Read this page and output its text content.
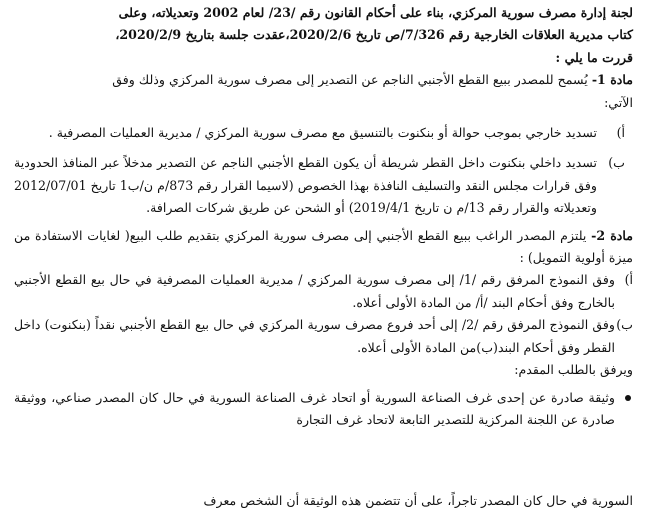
لجنة إدارة مصرف سورية المركزي، بناء على أحكام القانون رقم /23/ لعام 2002 وتعديلاته، وعلى

كتاب مديرية العلاقات الخارجية رقم 7/326/ص تاريخ 2020/2/6،عقدت جلسة بتاريخ 2020/2/9،

قررت ما يلي :

مادة 1- يُسمح للمصدر ببيع القطع الأجنبي الناجم عن التصدير إلى مصرف سورية المركزي وذلك وفق

الآتي:

أ)
تسديد خارجي بموجب حوالة أو بنكنوت بالتنسيق مع مصرف سورية المركزي / مديرية العمليات المصرفية .
ب)
تسديد داخلي بنكنوت داخل القطر شريطة أن يكون القطع الأجنبي الناجم عن التصدير مدخلاً عبر المنافذ الحدودية وفق قرارات مجلس النقد والتسليف النافذة بهذا الخصوص (لاسيما القرار رقم 873/م ن/ب1 تاريخ 2012/07/01 وتعديلاته والقرار رقم 13/م ن تاريخ 2019/4/1) أو الشحن عن طريق شركات الصرافة.

مادة 2- يلتزم المصدر الراغب ببيع القطع الأجنبي إلى مصرف سورية المركزي بتقديم طلب البيع( لغايات الاستفادة من ميزة أولوية التمويل) :

أ)
وفق النموذج المرفق رقم /1/ إلى مصرف سورية المركزي / مديرية العمليات المصرفية في حال بيع القطع الأجنبي بالخارج وفق أحكام البند /أ/ من المادة الأولى أعلاه.
ب)
وفق النموذج المرفق رقم /2/ إلى أحد فروع مصرف سورية المركزي في حال بيع القطع الأجنبي نقداً (بنكنوت) داخل القطر وفق أحكام البند(ب)من المادة الأولى أعلاه.

ويرفق بالطلب المقدم:

وثيقة صادرة عن إحدى غرف الصناعة السورية أو اتحاد غرف الصناعة السورية في حال كان المصدر صناعي، ووثيقة صادرة عن اللجنة المركزية للتصدير التابعة لاتحاد غرف التجارة
السورية في حال كان المصدر تاجراً، على أن تتضمن هذه الوثيقة أن الشخص معرف
